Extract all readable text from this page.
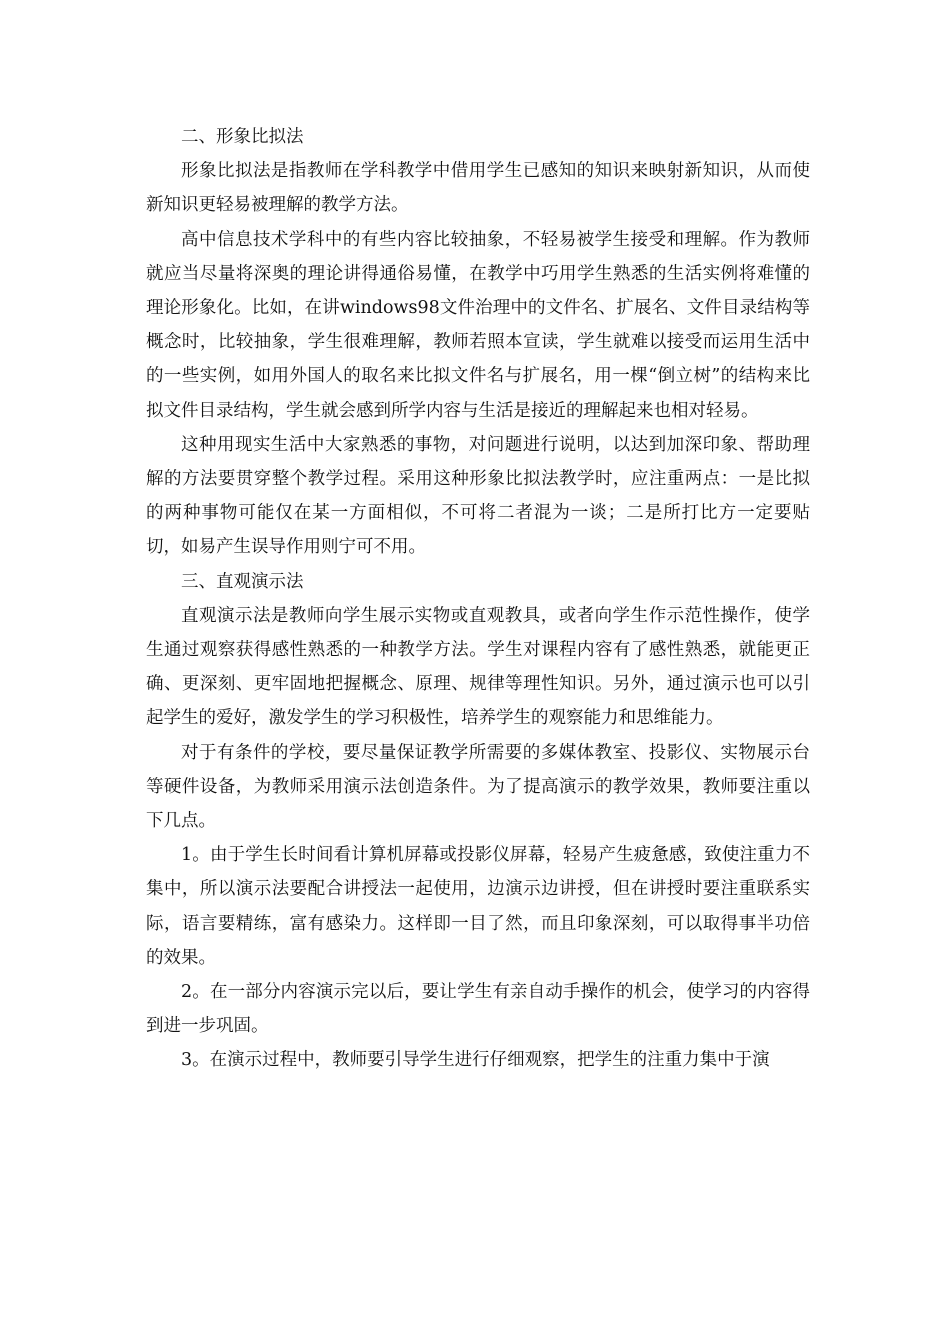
二、形象比拟法

形象比拟法是指教师在学科教学中借用学生已感知的知识来映射新知识，从而使新知识更轻易被理解的教学方法。

高中信息技术学科中的有些内容比较抽象，不轻易被学生接受和理解。作为教师就应当尽量将深奥的理论讲得通俗易懂，在教学中巧用学生熟悉的生活实例将难懂的理论形象化。比如，在讲windows98文件治理中的文件名、扩展名、文件目录结构等概念时，比较抽象，学生很难理解，教师若照本宣读，学生就难以接受而运用生活中的一些实例，如用外国人的取名来比拟文件名与扩展名，用一棵“倒立树”的结构来比拟文件目录结构，学生就会感到所学内容与生活是接近的理解起来也相对轻易。

这种用现实生活中大家熟悉的事物，对问题进行说明，以达到加深印象、帮助理解的方法要贯穿整个教学过程。采用这种形象比拟法教学时，应注重两点：一是比拟的两种事物可能仅在某一方面相似，不可将二者混为一谈；二是所打比方一定要贴切，如易产生误导作用则宁可不用。

三、直观演示法

直观演示法是教师向学生展示实物或直观教具，或者向学生作示范性操作，使学生通过观察获得感性熟悉的一种教学方法。学生对课程内容有了感性熟悉，就能更正确、更深刻、更牢固地把握概念、原理、规律等理性知识。另外，通过演示也可以引起学生的爱好，激发学生的学习积极性，培养学生的观察能力和思维能力。

对于有条件的学校，要尽量保证教学所需要的多媒体教室、投影仪、实物展示台等硬件设备，为教师采用演示法创造条件。为了提高演示的教学效果，教师要注重以下几点。

1。由于学生长时间看计算机屏幕或投影仪屏幕，轻易产生疲惫感，致使注重力不集中，所以演示法要配合讲授法一起使用，边演示边讲授，但在讲授时要注重联系实际，语言要精练，富有感染力。这样即一目了然，而且印象深刻，可以取得事半功倍的效果。

2。在一部分内容演示完以后，要让学生有亲自动手操作的机会，使学习的内容得到进一步巩固。

3。在演示过程中，教师要引导学生进行仔细观察，把学生的注重力集中于演
